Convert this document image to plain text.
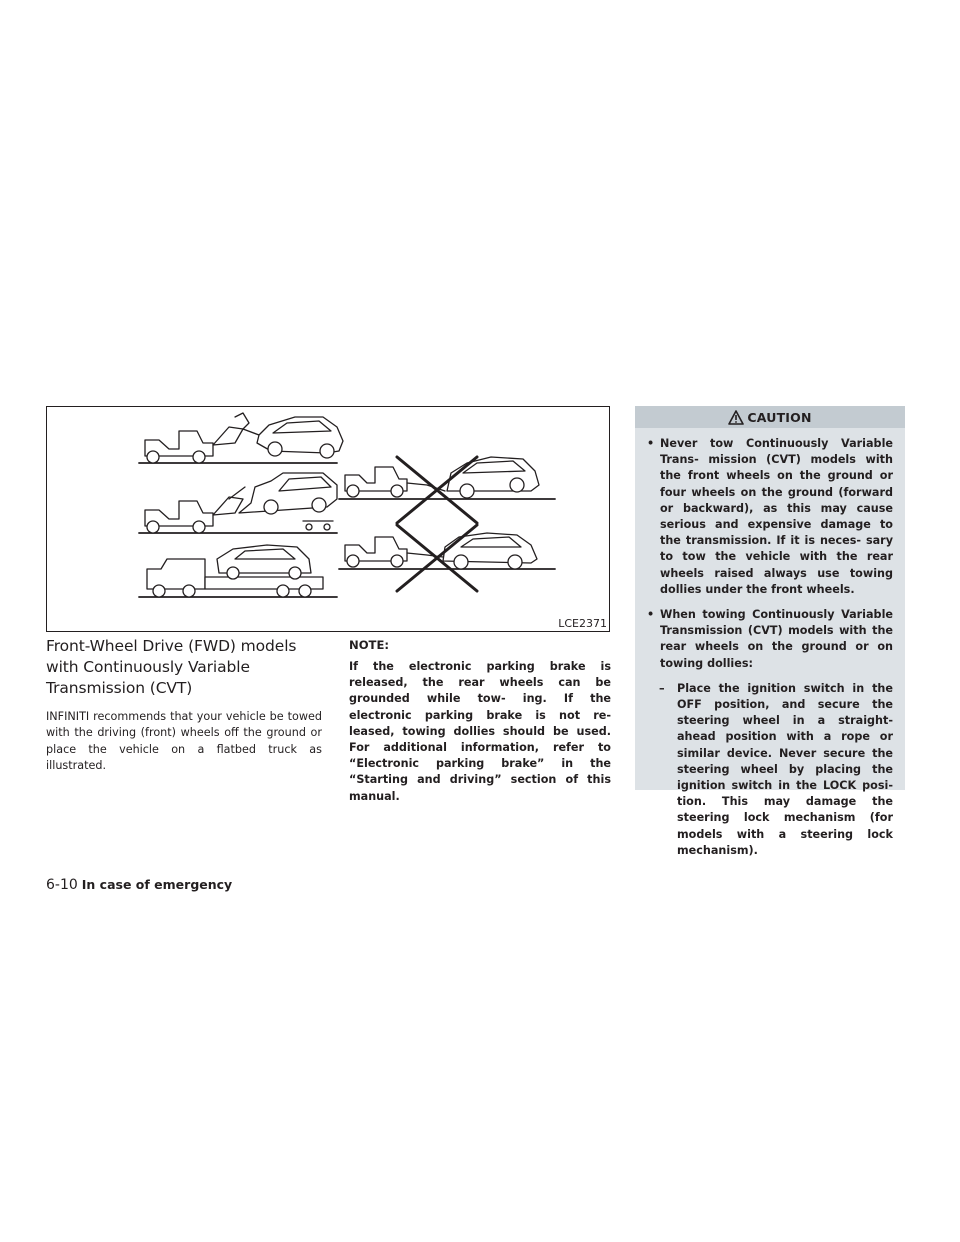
LCE2371
Front-Wheel Drive (FWD) models with Continuously Variable Transmission (CVT)

INFINITI recommends that your vehicle be towed with the driving (front) wheels off the ground or place the vehicle on a flatbed truck as illustrated.

NOTE:

If the electronic parking brake is released, the rear wheels can be grounded while tow- ing. If the electronic parking brake is not re- leased, towing dollies should be used. For additional information, refer to “Electronic parking brake” in the “Starting and driving” section of this manual.

CAUTION
• Never tow Continuously Variable Trans- mission (CVT) models with the front wheels on the ground or four wheels on the ground (forward or backward), as this may cause serious and expensive damage to the transmission. If it is neces- sary to tow the vehicle with the rear wheels raised always use towing dollies under the front wheels.
• When towing Continuously Variable Transmission (CVT) models with the rear wheels on the ground or on towing dollies:
– Place the ignition switch in the OFF position, and secure the steering wheel in a straight-ahead position with a rope or similar device. Never secure the steering wheel by placing the ignition switch in the LOCK posi- tion. This may damage the steering lock mechanism (for models with a steering lock mechanism).
6-10 In case of emergency
